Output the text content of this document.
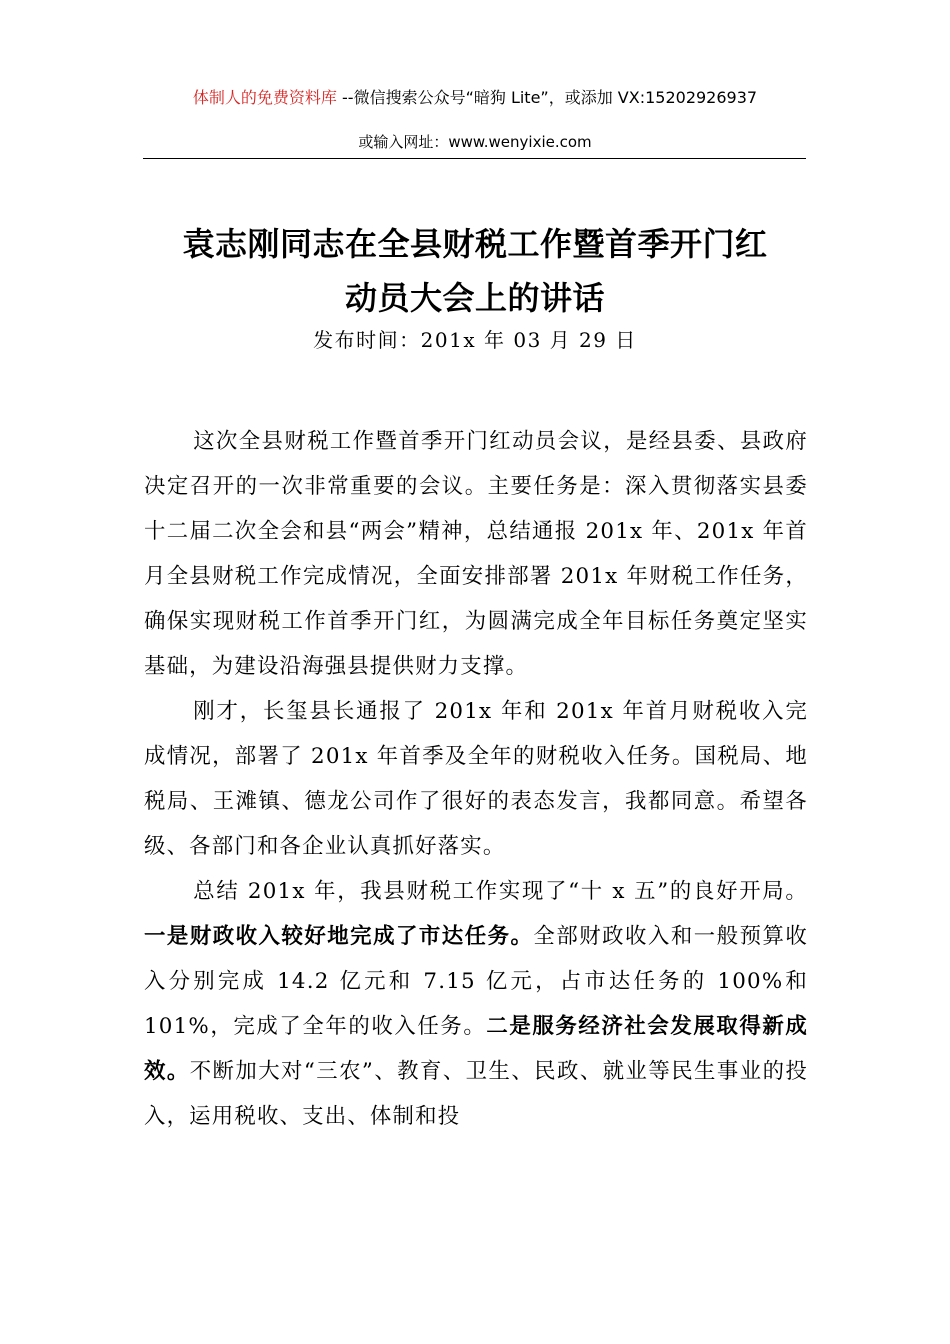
体制人的免费资料库 --微信搜索公众号“暗狗 Lite”，或添加 VX:15202926937
或输入网址：www.wenyixie.com
袁志刚同志在全县财税工作暨首季开门红
动员大会上的讲话
发布时间：201x 年 03 月 29 日

这次全县财税工作暨首季开门红动员会议，是经县委、县政府决定召开的一次非常重要的会议。主要任务是：深入贯彻落实县委十二届二次全会和县“两会”精神，总结通报 201x 年、201x 年首月全县财税工作完成情况，全面安排部署 201x 年财税工作任务，确保实现财税工作首季开门红，为圆满完成全年目标任务奠定坚实基础，为建设沿海强县提供财力支撑。

刚才，长玺县长通报了 201x 年和 201x 年首月财税收入完成情况，部署了 201x 年首季及全年的财税收入任务。国税局、地税局、王滩镇、德龙公司作了很好的表态发言，我都同意。希望各级、各部门和各企业认真抓好落实。

总结 201x 年，我县财税工作实现了“十 x 五”的良好开局。一是财政收入较好地完成了市达任务。全部财政收入和一般预算收入分别完成 14.2 亿元和 7.15 亿元，占市达任务的 100%和 101%，完成了全年的收入任务。二是服务经济社会发展取得新成效。不断加大对“三农”、教育、卫生、民政、就业等民生事业的投入，运用税收、支出、体制和投
